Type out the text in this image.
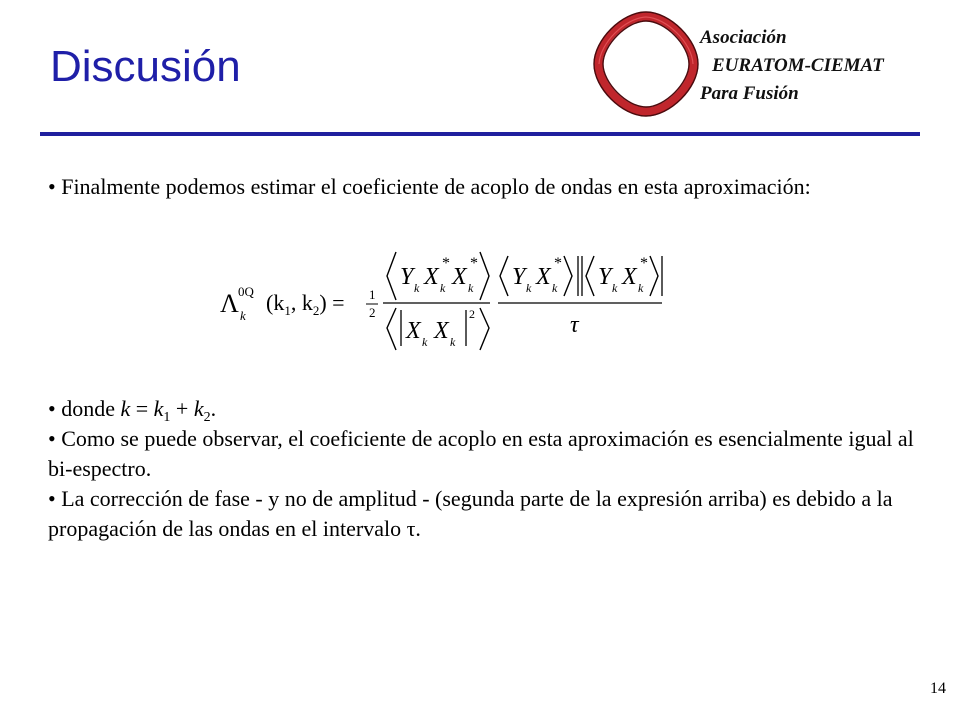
Discusión
Asociación
EURATOM-CIEMAT
Para Fusión
• Finalmente podemos estimar el coeficiente de acoplo de ondas en esta aproximación:
Λ 0Q
k
($k_1$, $k_2) = 1$
2
Y k X
*
k X
*
k
X k X k
2
Y k X
*
k Y k X
*
k
τ
• donde $k = k_1 + k_2$.
• Como se puede observar, el coeficiente de acoplo en esta aproximación es esencialmente igual al bi-espectro.
• La corrección de fase - y no de amplitud - (segunda parte de la expresión arriba) es debido a la propagación de las ondas en el intervalo τ.
14
